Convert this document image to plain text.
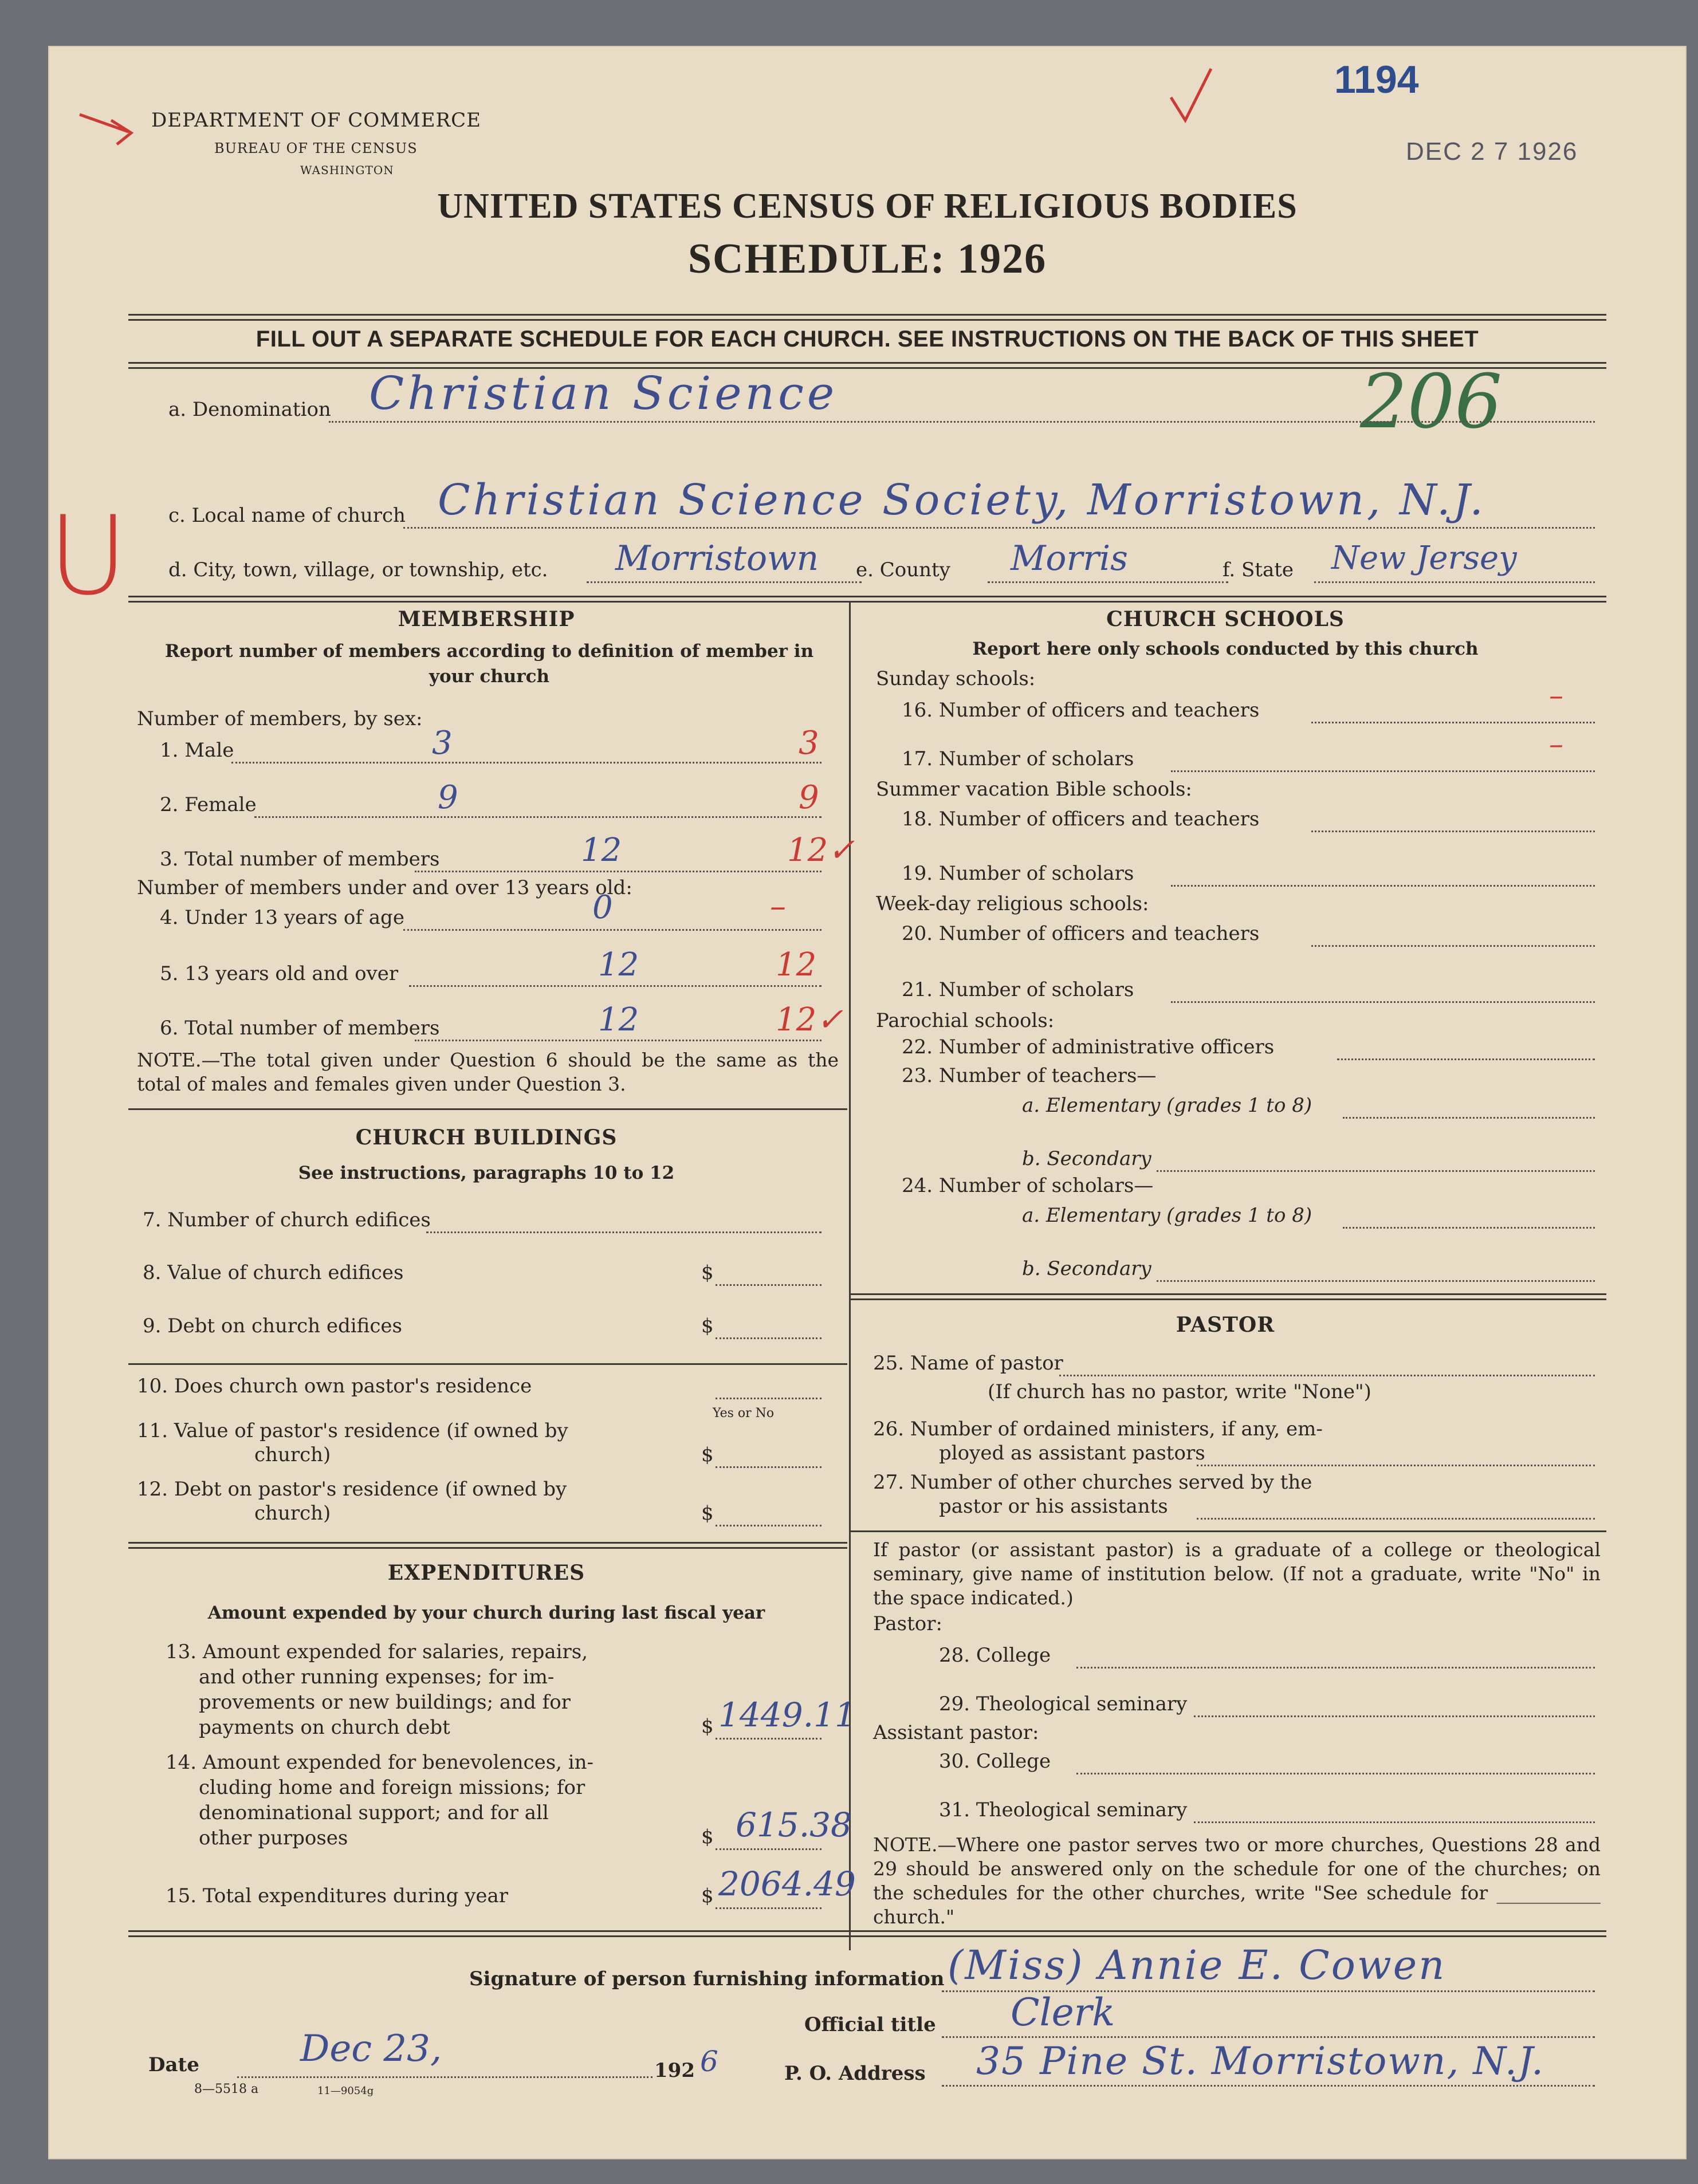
DEPARTMENT OF COMMERCE
BUREAU OF THE CENSUS
WASHINGTON
1194
DEC 2 7 1926
UNITED STATES CENSUS OF RELIGIOUS BODIES
SCHEDULE: 1926
FILL OUT A SEPARATE SCHEDULE FOR EACH CHURCH. SEE INSTRUCTIONS ON THE BACK OF THIS SHEET
206
U
a. Denomination Christian Science
c. Local name of church Christian Science Society, Morristown, N.J.
d. City, town, village, or township, etc. Morristown e. County Morris	f. State New Jersey
MEMBERSHIP
Report number of members according to definition of member in your church
Number of members, by sex:
1. Male	3	3
2. Female	9	9
3. Total number of members	12	12✓
Number of members under and over 13 years old:
4. Under 13 years of age	0	–
5. 13 years old and over	12	12
6. Total number of members	12	12✓
NOTE.—The total given under Question 6 should be the same as the total of males and females given under Question 3.
CHURCH BUILDINGS
See instructions, paragraphs 10 to 12
7. Number of church edifices
8. Value of church edifices	$
9. Debt on church edifices	$
10. Does church own pastor's residence
Yes or No
11. Value of pastor's residence (if owned by
church)	$
12. Debt on pastor's residence (if owned by
church)	$
EXPENDITURES
Amount expended by your church during last fiscal year
13. Amount expended for salaries, repairs,
and other running expenses; for im-
provements or new buildings; and for
payments on church debt	$ 1449.11
14. Amount expended for benevolences, in-
cluding home and foreign missions; for
denominational support; and for all
other purposes	$ 615.38
15. Total expenditures during year	$ 2064.49
CHURCH SCHOOLS
Report here only schools conducted by this church
Sunday schools:
16. Number of officers and teachers	–
17. Number of scholars	–
Summer vacation Bible schools:
18. Number of officers and teachers
19. Number of scholars
Week-day religious schools:
20. Number of officers and teachers
21. Number of scholars
Parochial schools:
22. Number of administrative officers
23. Number of teachers—
a. Elementary (grades 1 to 8)
b. Secondary
24. Number of scholars—
a. Elementary (grades 1 to 8)
b. Secondary
PASTOR
25. Name of pastor
(If church has no pastor, write "None")
26. Number of ordained ministers, if any, em-
ployed as assistant pastors
27. Number of other churches served by the
pastor or his assistants
If pastor (or assistant pastor) is a graduate of a college or theological seminary, give name of institution below. (If not a graduate, write "No" in the space indicated.)
Pastor:
28. College
29. Theological seminary
Assistant pastor:
30. College
31. Theological seminary
NOTE.—Where one pastor serves two or more churches, Questions 28 and 29 should be answered only on the schedule for one of the churches; on the schedules for the other churches, write "See schedule for ___________ church."
Signature of person furnishing information (Miss) Annie E. Cowen
Official title Clerk
Date	Dec 23,
192 6	P. O. Address 35 Pine St. Morristown, N.J.
8—5518 a	11—9054g
